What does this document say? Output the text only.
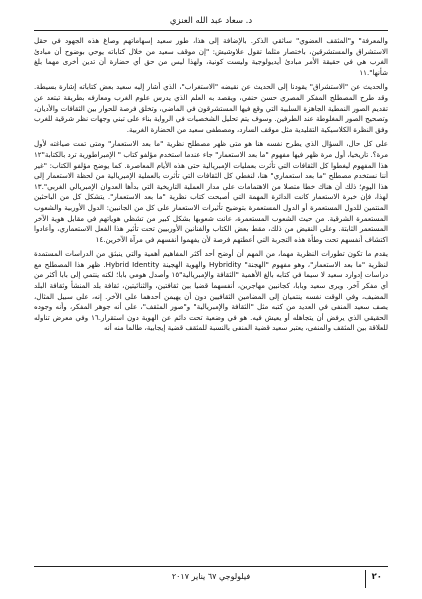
د. سعاد عبد الله العنزي

والمعرفة" و"المثقف العضوي" ساثقي الذكر. بالإضافة إلى هذا، طور سعيد إسهاماتهم وصاغ هذه الجهود في حقل الاستشراق والمستشرقين، باختصار مثلما تقول علاوشيش: "إن موقف سعيد من خلال كتاباته يوحي بوضوح أن مبادئ الغرب هي في حقيقة الأمر مبادئ أيديولوجية وليست كونية، ولهذا ليس من حق أي حضارة أن تدين أخرى مهما بلغ شأنها".١١

والحديث عن "الاستشراق" يقودنا إلى الحديث عن نقيضه "الاستغراب"، الذي أشار إليه سعيد بعض كتاباته إشارة بسيطة. وقد طرح المصطلح المفكر المصري حسن حنفي، ويقصد به العلم الذي يدرس علوم الغرب ومعارفه بطريقة تبتعد عن تقديم الصور النمطية الجاهزة السلبية التي وقع فيها المستشرقون في الماضي، وتخلق فرصة للحوار بين الثقافات والأديان، وتصحيح الصور المغلوطة عند الطرفين. وسوف يتم تحليل الشخصيات في الرواية بناء على تبني وجهات نظر شرقية للغرب وفق النظرة الكلاسيكية التقليدية مثل موقف السارد، ومصطفى سعيد من الحضارة الغربية.

على كل حال، السؤال الذي يطرح نفسه هنا هو متى ظهر مصطلح نظرية "ما بعد الاستعمار" ومتى تمت صياغته لأول مرة؟. تاريخيا، أول مرة ظهر فيها مفهوم "ما بعد الاستعمار" جاء عندما استخدم مؤلفو كتاب " الإمبراطورية ترد بالكتابة"١٢ هذا المفهوم ليغطوا كل الثقافات التي تأثرت بعمليات الإمبريالية حتى هذه الأيام المعاصرة. كما يوضح مؤلفو الكتاب: "غير أننا نستخدم مصطلح "ما بعد استعماري" هنا، لنغطي كل الثقافات التي تأثرت بالعملية الإمبريالية من لحظة الاستعمار إلى هذا اليوم؛ ذلك أن هناك خطا متصلا من الاهتمامات على مدار العملية التاريخية التي بدأها العدوان الإمبريالي الغربي".١٣ لهذا، فإن خبرة الاستعمار كانت الدائرة المهمة التي أصبحت كتاب نظرية "ما بعد الاستعمار". يتشكل كل من الباحثين المنتمين للدول المستعمرة أو الدول المستعمرة بتوضيح تأثيرات الاستعمار على كل من الجانبين: الدول الأوربية والشعوب المستعمرة الشرقية. من حيث الشعوب المستعمرة، عانت شعوبها بشكل كبير من تشظي هوياتهم في مقابل هوية الآخر المستعمر الثابتة. وعلى النقيض من ذلك، مقط بعض الكتاب والفنانين الأوربيين تحت تأثير هذا الفعل الاستعماري، وأعادوا اكتشاف أنفسهم تحت وطأة هذه التجربة التي أعطتهم فرصة لأن يفهموا أنفسهم في مرآة الآخرين.١٤

يقدم ما تكون تطورات النظرية مهما، من المهم أن أوضح أحد أكثر المفاهيم أهمية والتي ينبثق من الدراسات المستمدة لنظرية "ما بعد الاستعمار"، وهو مفهوم "الهجنة" Hybridity والهوية الهجينة Hybrid Identity. ظهر هذا المصطلح مع دراسات إدوارد سعيد لا سيما في كتابه بالغ الأهمية "الثقافة والإمبريالية"١٥ وأصدل هومي بابا؛ لكنه ينتمي إلى بابا أكثر من أي مفكر آخر. ويرى سعيد وبابا، كجانبين مهاجرين، أنفسهما قضيا بين ثقافتين، والثنائيتين، ثقافة بلد المنشأ وثقافة البلد المضيف، وفي الوقت نفسه ينتميان إلى المضامين الثقافيين دون أن يهيمن أحدهما على الآخر. إنه، على سبيل المثال، يصف سعيد المنفى في العديد من كتبه مثل "الثقافة والإمبريالية" و"صور المثقف"، على أنه جوهر المفكر، وأنه وجوده الحقيقي الذي يرفض أن يتجاهله أو يعيش فيه. هو في وضعية تحت دائم عن الهوية دون استقرار.١٦ وفي معرض تناوله للعلاقة بين المثقف والمنفى، يعتبر سعيد قضية المنفى بالنسبة للمثقف قضية إيجابية، طالما منه أنه

٢٠
فيلولوجي ٦٧ يناير ٢٠١٧
